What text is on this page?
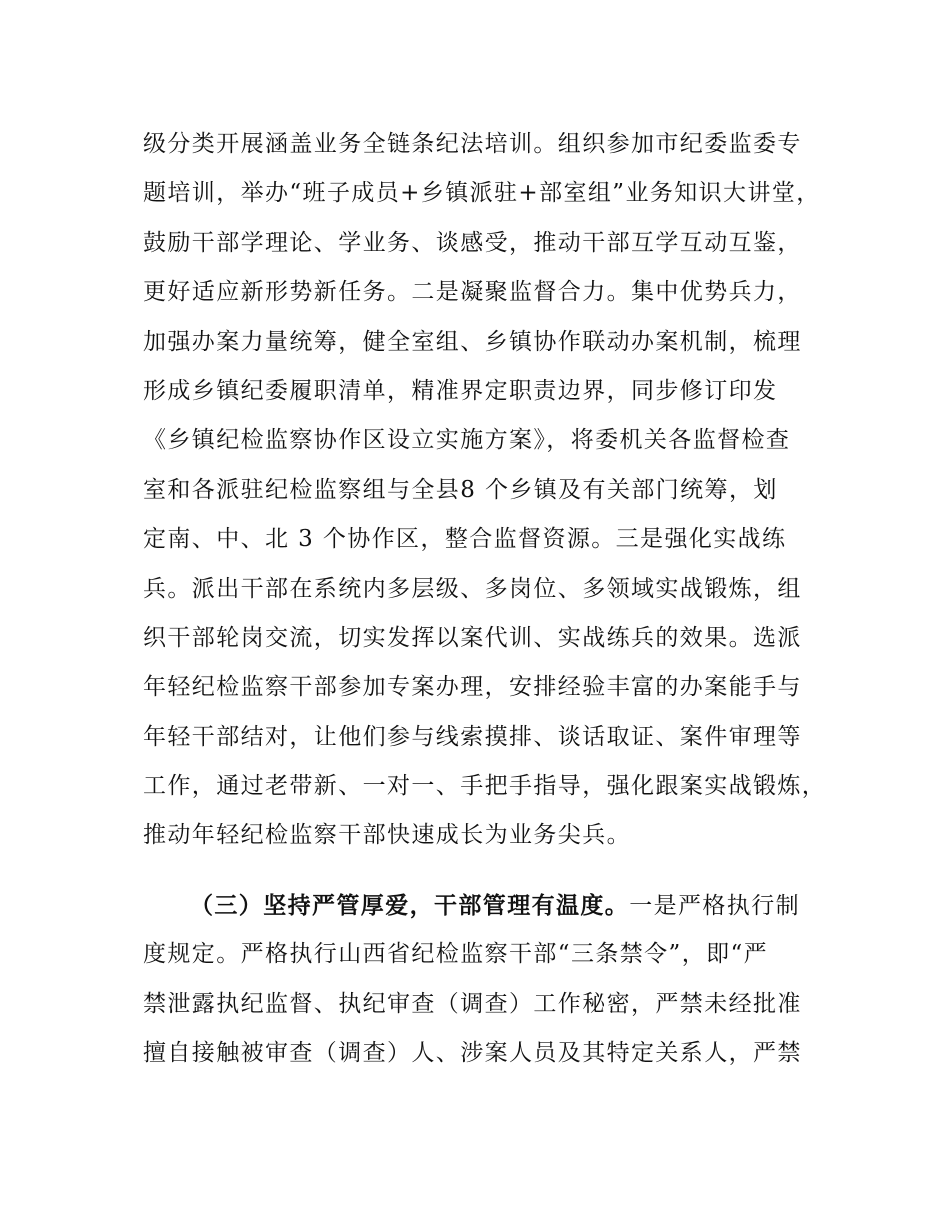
级分类开展涵盖业务全链条纪法培训。组织参加市纪委监委专
题培训，举办“班子成员+乡镇派驻+部室组”业务知识大讲堂，
鼓励干部学理论、学业务、谈感受，推动干部互学互动互鉴，
更好适应新形势新任务。二是凝聚监督合力。集中优势兵力，
加强办案力量统筹，健全室组、乡镇协作联动办案机制，梳理
形成乡镇纪委履职清单，精准界定职责边界，同步修订印发
《乡镇纪检监察协作区设立实施方案》，将委机关各监督检查
室和各派驻纪检监察组与全县8 个乡镇及有关部门统筹，划
定南、中、北 3 个协作区，整合监督资源。三是强化实战练
兵。派出干部在系统内多层级、多岗位、多领域实战锻炼，组
织干部轮岗交流，切实发挥以案代训、实战练兵的效果。选派
年轻纪检监察干部参加专案办理，安排经验丰富的办案能手与
年轻干部结对，让他们参与线索摸排、谈话取证、案件审理等
工作，通过老带新、一对一、手把手指导，强化跟案实战锻炼，
推动年轻纪检监察干部快速成长为业务尖兵。
（三）坚持严管厚爱，干部管理有温度。一是严格执行制
度规定。严格执行山西省纪检监察干部“三条禁令”，即“严
禁泄露执纪监督、执纪审查（调查）工作秘密，严禁未经批准
擅自接触被审查（调查）人、涉案人员及其特定关系人，严禁
